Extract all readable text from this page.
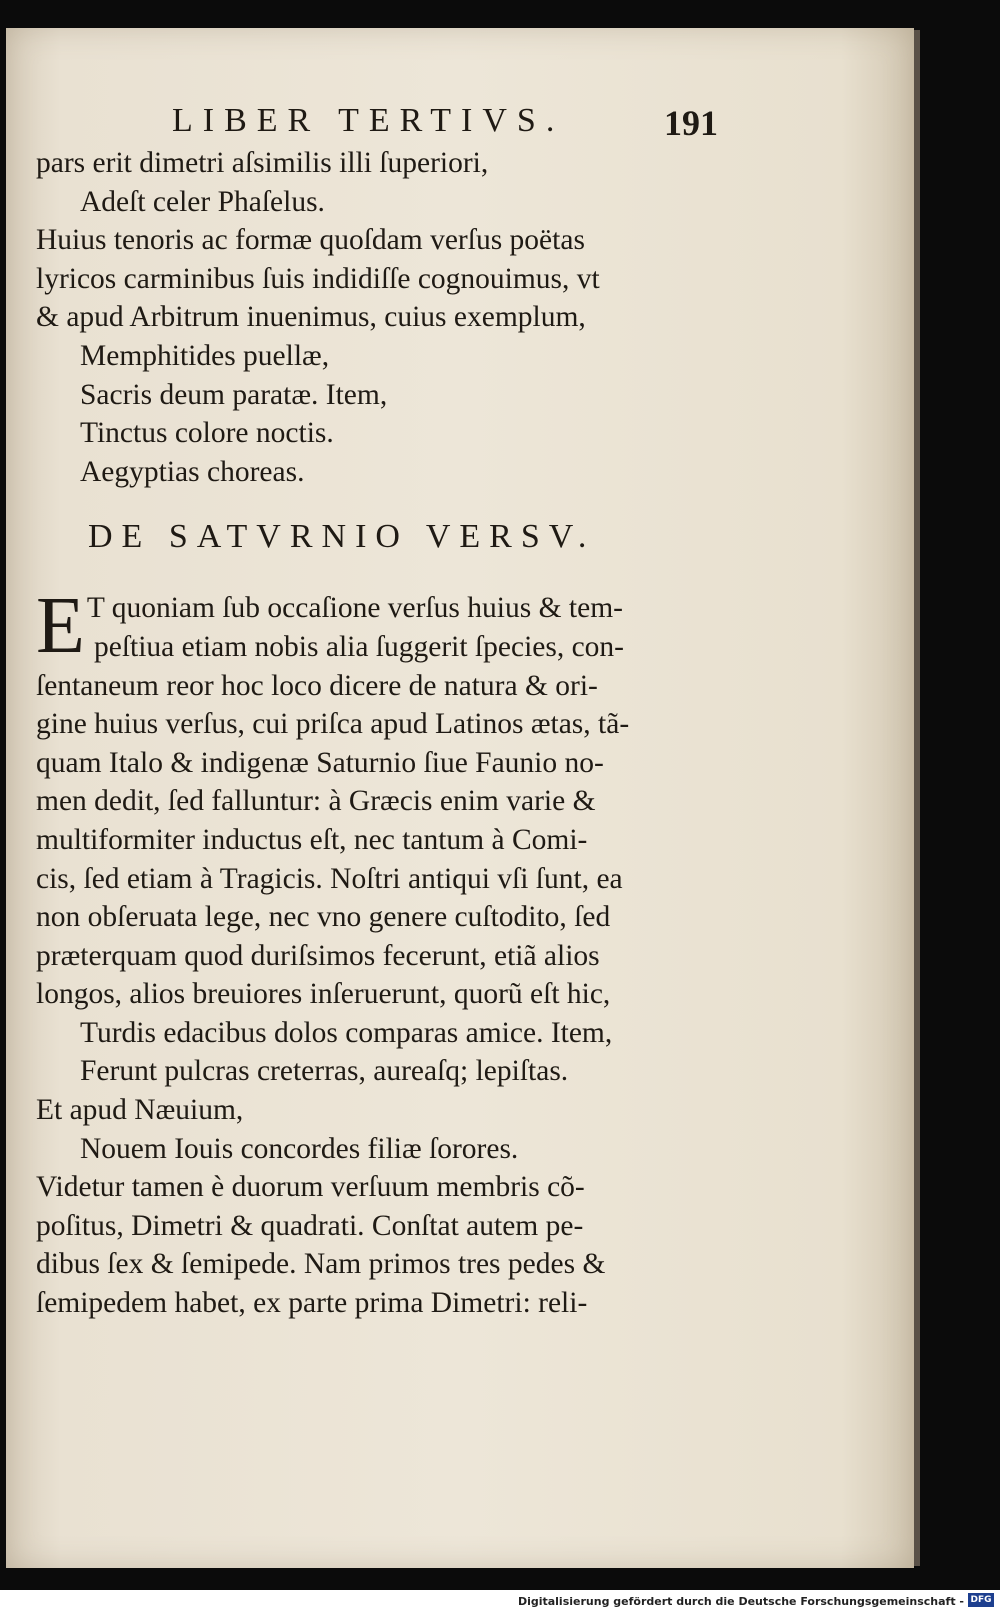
LIBER TERTIVS.	191
pars erit dimetri aſsimilis illi ſuperiori,
Adeſt celer Phaſelus.
Huius tenoris ac formæ quoſdam verſus poëtas
lyricos carminibus ſuis indidiſſe cognouimus, vt
& apud Arbitrum inuenimus, cuius exemplum,
Memphitides puellæ,
Sacris deum paratæ. Item,
Tinctus colore noctis.
Aegyptias choreas.
DE SATVRNIO VERSV.
E T quoniam ſub occaſione verſus huius & tem-
peſtiua etiam nobis alia ſuggerit ſpecies, con-
ſentaneum reor hoc loco dicere de natura & ori-
gine huius verſus, cui priſca apud Latinos ætas, tã-
quam Italo & indigenæ Saturnio ſiue Faunio no-
men dedit, ſed falluntur: à Græcis enim varie &
multiformiter inductus eſt, nec tantum à Comi-
cis, ſed etiam à Tragicis. Noſtri antiqui vſi ſunt, ea
non obſeruata lege, nec vno genere cuſtodito, ſed
præterquam quod duriſsimos fecerunt, etiã alios
longos, alios breuiores inſeruerunt, quorũ eſt hic,
Turdis edacibus dolos comparas amice. Item,
Ferunt pulcras creterras, aureaſq; lepiſtas.
Et apud Næuium,
Nouem Iouis concordes filiæ ſorores.
Videtur tamen è duorum verſuum membris cõ-
poſitus, Dimetri & quadrati. Conſtat autem pe-
dibus ſex & ſemipede. Nam primos tres pedes &
ſemipedem habet, ex parte prima Dimetri: reli-
Digitalisierung gefördert durch die Deutsche Forschungsgemeinschaft - DFG
